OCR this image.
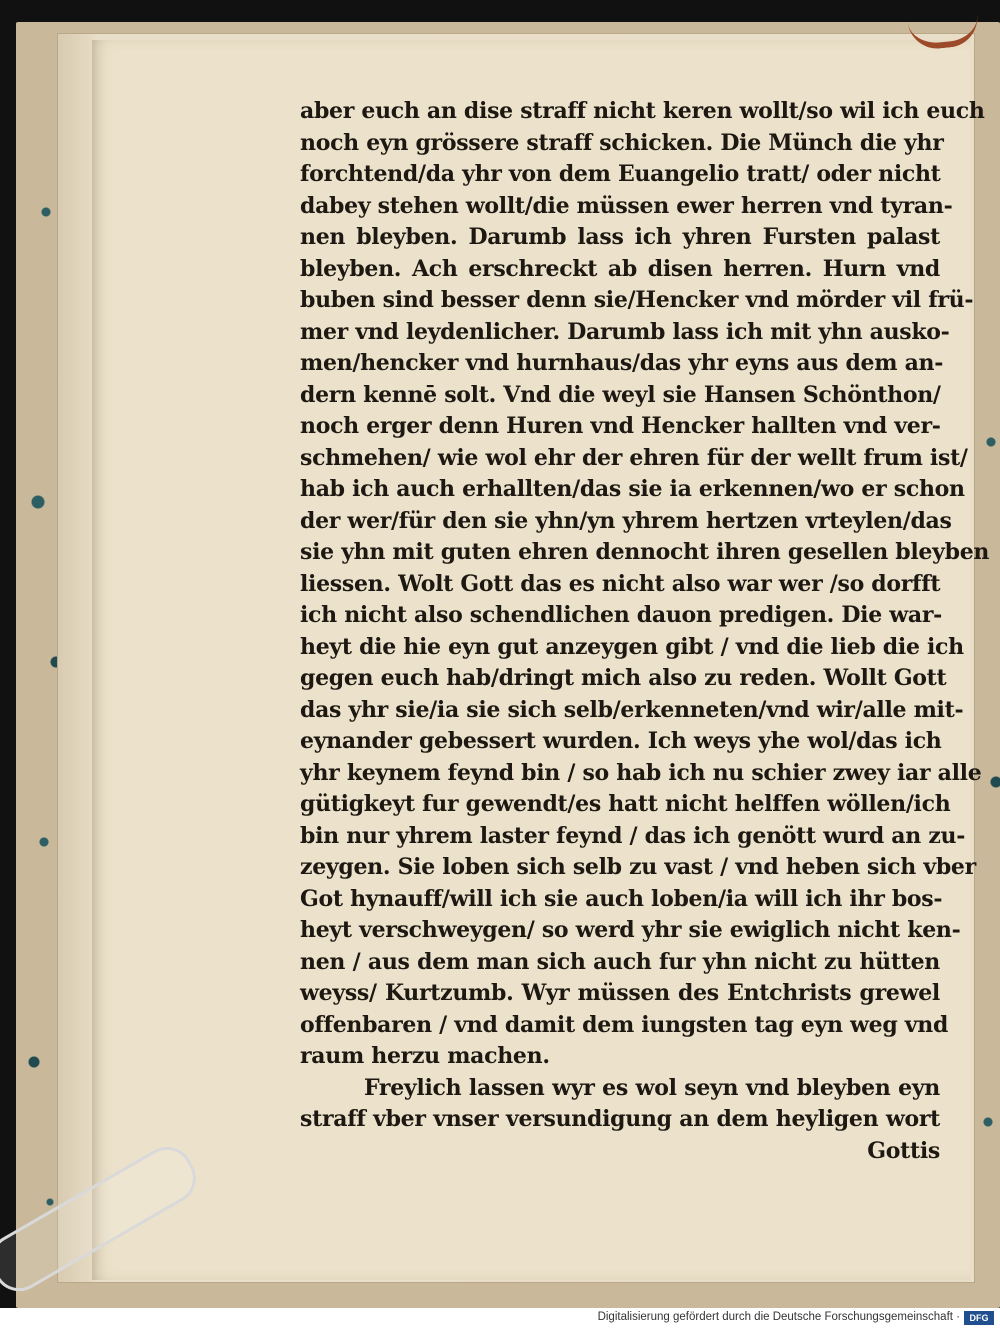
aber euch an dise straff nicht keren wollt/so wil ich euch
noch eyn grössere straff schicken. Die Münch die yhr
forchtend/da yhr von dem Euangelio tratt/ oder nicht
dabey stehen wollt/die müssen ewer herren vnd tyran-
nen bleyben. Darumb lass ich yhren Fursten palast
bleyben. Ach erschreckt ab disen herren. Hurn vnd
buben sind besser denn sie/Hencker vnd mörder vil frü-
mer vnd leydenlicher. Darumb lass ich mit yhn ausko-
men/hencker vnd hurnhaus/das yhr eyns aus dem an-
dern kennē solt. Vnd die weyl sie Hansen Schönthon/
noch erger denn Huren vnd Hencker hallten vnd ver-
schmehen/ wie wol ehr der ehren für der wellt frum ist/
hab ich auch erhallten/das sie ia erkennen/wo er schon
der wer/für den sie yhn/yn yhrem hertzen vrteylen/das
sie yhn mit guten ehren dennocht ihren gesellen bleyben
liessen. Wolt Gott das es nicht also war wer /so dorfft
ich nicht also schendlichen dauon predigen. Die war-
heyt die hie eyn gut anzeygen gibt / vnd die lieb die ich
gegen euch hab/dringt mich also zu reden. Wollt Gott
das yhr sie/ia sie sich selb/erkenneten/vnd wir/alle mit-
eynander gebessert wurden. Ich weys yhe wol/das ich
yhr keynem feynd bin / so hab ich nu schier zwey iar alle
gütigkeyt fur gewendt/es hatt nicht helffen wöllen/ich
bin nur yhrem laster feynd / das ich genött wurd an zu-
zeygen. Sie loben sich selb zu vast / vnd heben sich vber
Got hynauff/will ich sie auch loben/ia will ich ihr bos-
heyt verschweygen/ so werd yhr sie ewiglich nicht ken-
nen / aus dem man sich auch fur yhn nicht zu hütten
weyss/ Kurtzumb. Wyr müssen des Entchrists grewel
offenbaren / vnd damit dem iungsten tag eyn weg vnd
raum herzu machen.
Freylich lassen wyr es wol seyn vnd bleyben eyn
straff vber vnser versundigung an dem heyligen wort
Gottis
Digitalisierung gefördert durch die Deutsche Forschungsgemeinschaft ·	DFG
